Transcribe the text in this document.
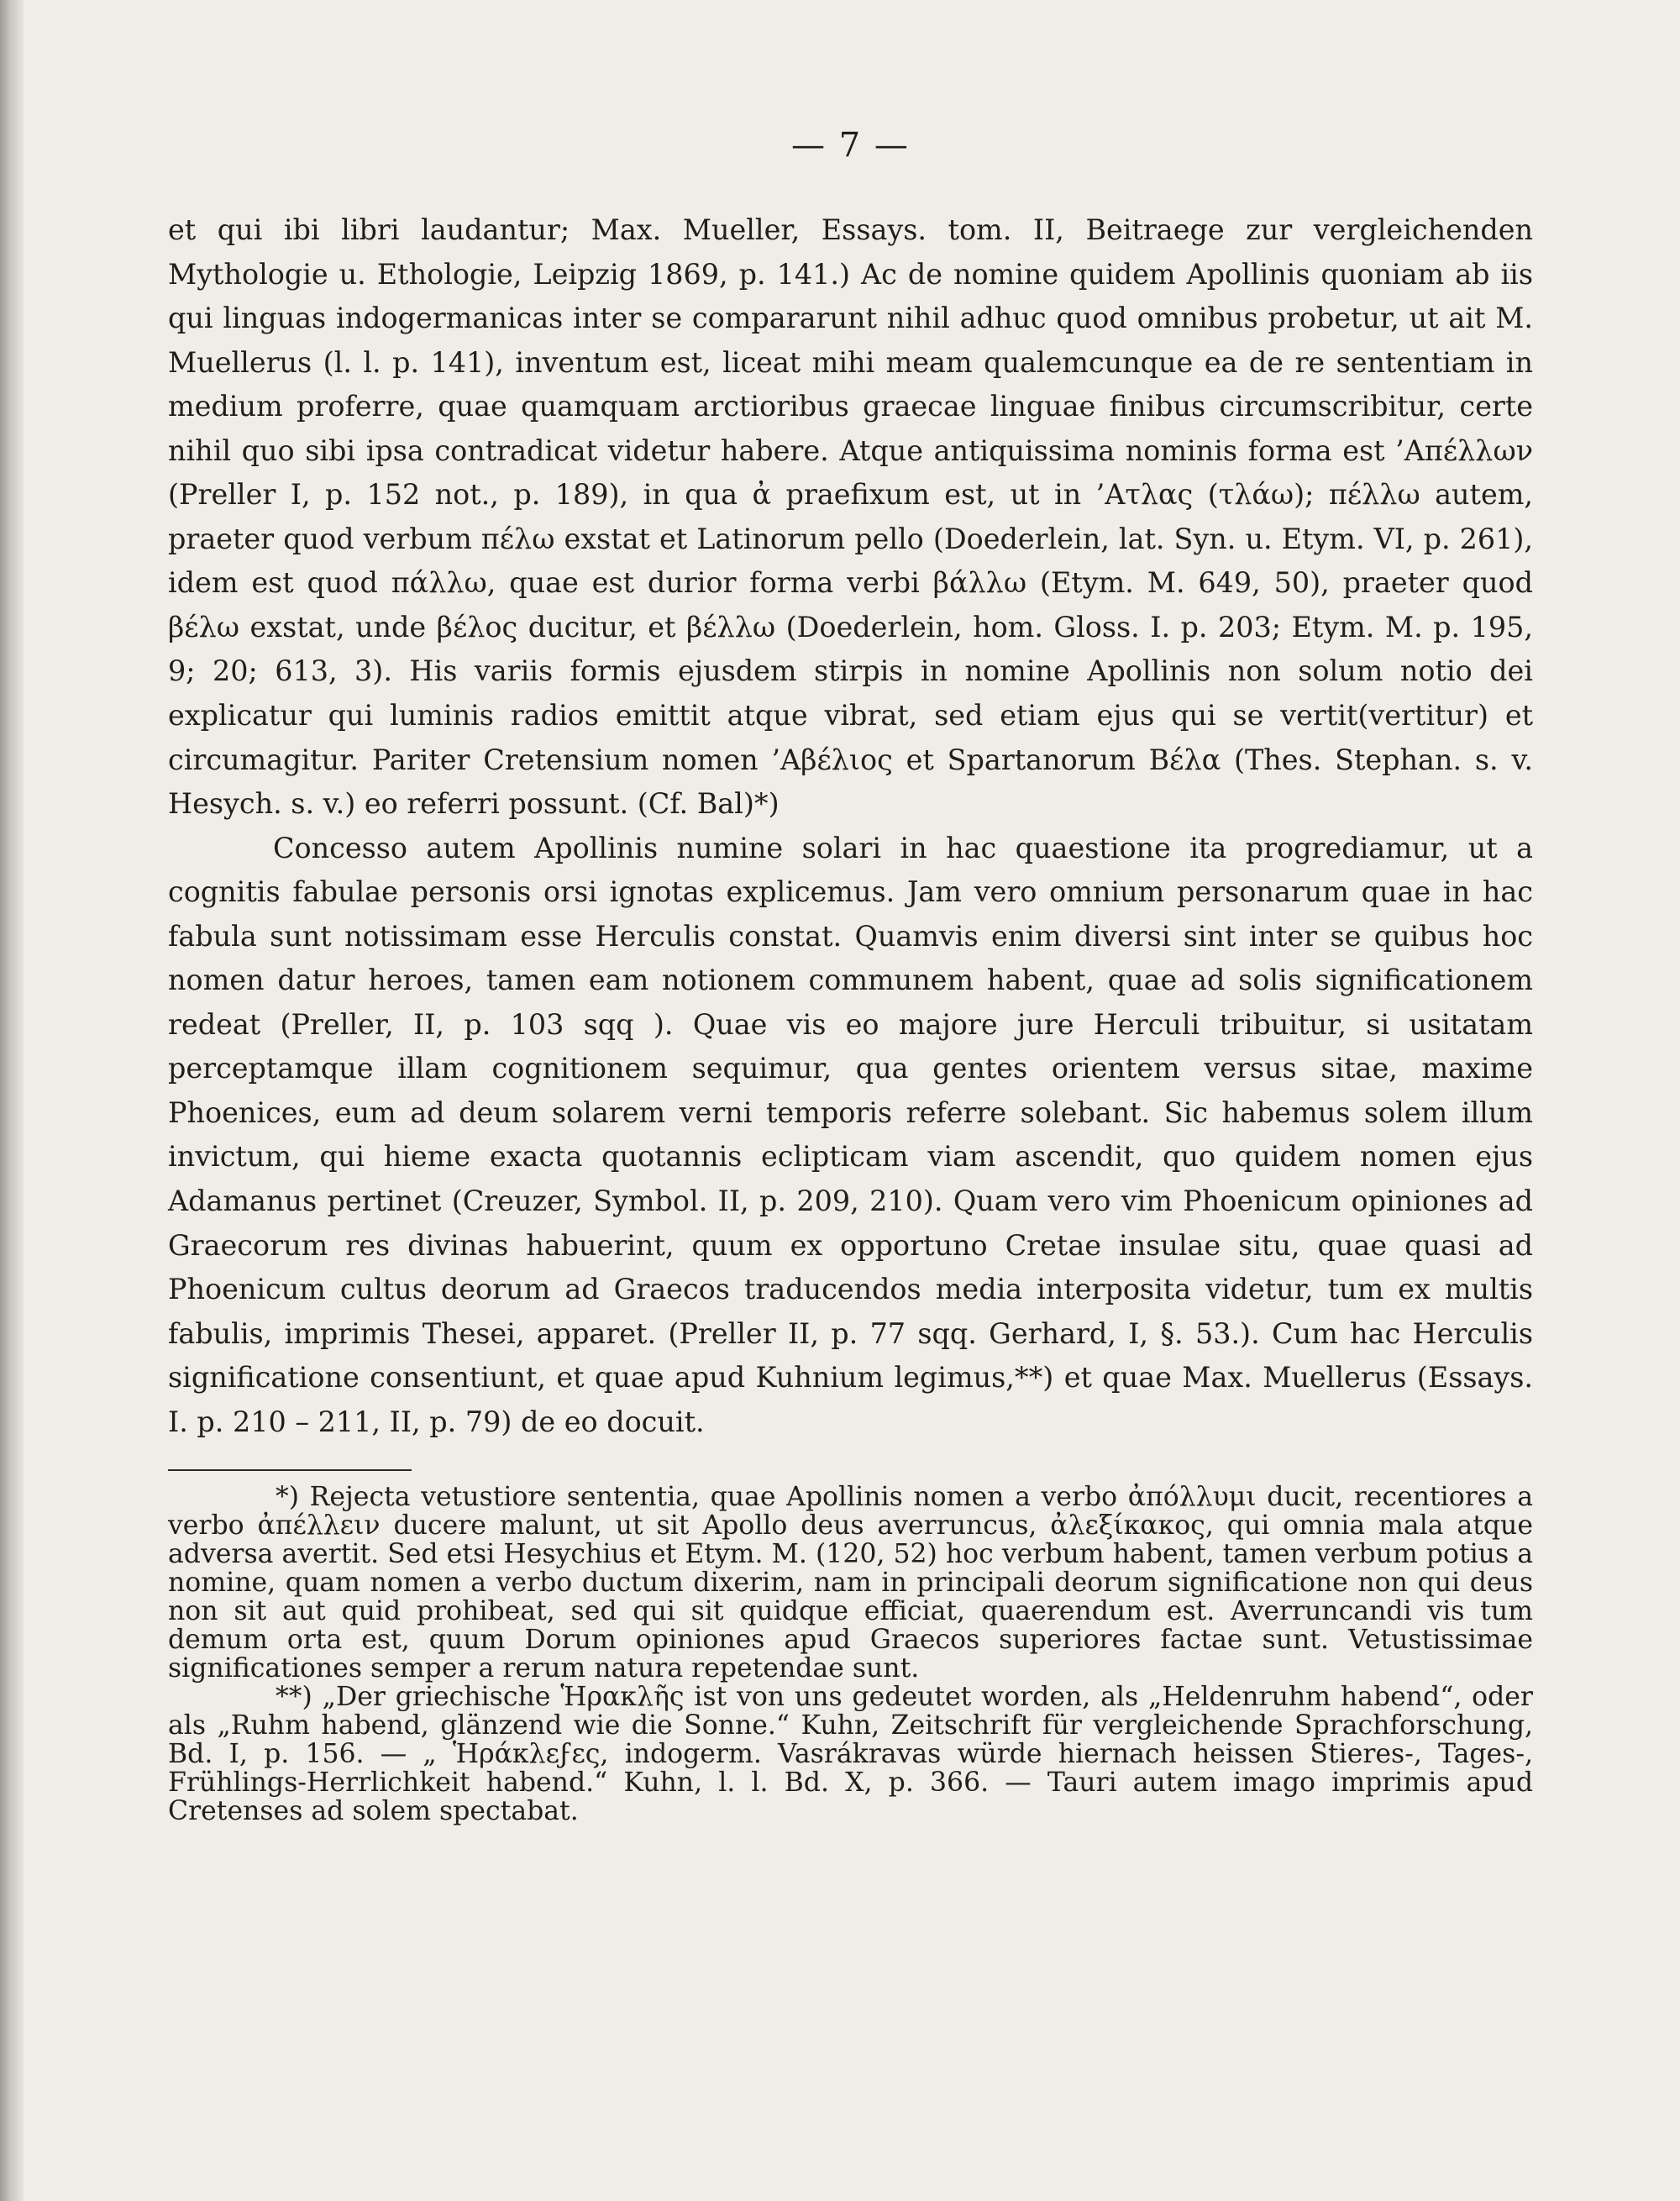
— 7 —

et qui ibi libri laudantur; Max. Mueller, Essays. tom. II, Beitraege zur vergleichenden Mythologie u. Ethologie, Leipzig 1869, p. 141.) Ac de nomine quidem Apollinis quoniam ab iis qui linguas indogermanicas inter se compararunt nihil adhuc quod omnibus probetur, ut ait M. Muellerus (l. l. p. 141), inventum est, liceat mihi meam qualemcunque ea de re sententiam in medium proferre, quae quamquam arctioribus graecae linguae finibus circumscribitur, certe nihil quo sibi ipsa contradicat videtur habere. Atque antiquissima nominis forma est ’Απέλλων (Preller I, p. 152 not., p. 189), in qua ἀ praefixum est, ut in ’Ατλας (τλάω); πέλλω autem, praeter quod verbum πέλω exstat et Latinorum pello (Doederlein, lat. Syn. u. Etym. VI, p. 261), idem est quod πάλλω, quae est durior forma verbi βάλλω (Etym. M. 649, 50), praeter quod βέλω exstat, unde βέλος ducitur, et βέλλω (Doederlein, hom. Gloss. I. p. 203; Etym. M. p. 195, 9; 20; 613, 3). His variis formis ejusdem stirpis in nomine Apollinis non solum notio dei explicatur qui luminis radios emittit atque vibrat, sed etiam ejus qui se vertit(vertitur) et circumagitur. Pariter Cretensium nomen ’Αβέλιος et Spartanorum Βέλα (Thes. Stephan. s. v. Hesych. s. v.) eo referri possunt. (Cf. Bal)*)

Concesso autem Apollinis numine solari in hac quaestione ita progrediamur, ut a cognitis fabulae personis orsi ignotas explicemus. Jam vero omnium personarum quae in hac fabula sunt notissimam esse Herculis constat. Quamvis enim diversi sint inter se quibus hoc nomen datur heroes, tamen eam notionem communem habent, quae ad solis significationem redeat (Preller, II, p. 103 sqq ). Quae vis eo majore jure Herculi tribuitur, si usitatam perceptamque illam cognitionem sequimur, qua gentes orientem versus sitae, maxime Phoenices, eum ad deum solarem verni temporis referre solebant. Sic habemus solem illum invictum, qui hieme exacta quotannis eclipticam viam ascendit, quo quidem nomen ejus Adamanus pertinet (Creuzer, Symbol. II, p. 209, 210). Quam vero vim Phoenicum opiniones ad Graecorum res divinas habuerint, quum ex opportuno Cretae insulae situ, quae quasi ad Phoenicum cultus deorum ad Graecos traducendos media interposita videtur, tum ex multis fabulis, imprimis Thesei, apparet. (Preller II, p. 77 sqq. Gerhard, I, §. 53.). Cum hac Herculis significatione consentiunt, et quae apud Kuhnium legimus,**) et quae Max. Muellerus (Essays. I. p. 210 – 211, II, p. 79) de eo docuit.

*) Rejecta vetustiore sententia, quae Apollinis nomen a verbo ἀπόλλυμι ducit, recentiores a verbo ἀπέλλειν ducere malunt, ut sit Apollo deus averruncus, ἀλεξίκακος, qui omnia mala atque adversa avertit. Sed etsi Hesychius et Etym. M. (120, 52) hoc verbum habent, tamen verbum potius a nomine, quam nomen a verbo ductum dixerim, nam in principali deorum significatione non qui deus non sit aut quid prohibeat, sed qui sit quidque efficiat, quaerendum est. Averruncandi vis tum demum orta est, quum Dorum opiniones apud Graecos superiores factae sunt. Vetustissimae significationes semper a rerum natura repetendae sunt.

**) „Der griechische Ἡρακλῆς ist von uns gedeutet worden, als „Heldenruhm habend“, oder als „Ruhm habend, glänzend wie die Sonne.“ Kuhn, Zeitschrift für vergleichende Sprachforschung, Bd. I, p. 156. — „ Ἡράκλεϝες, indogerm. Vasrákravas würde hiernach heissen Stieres-, Tages-, Frühlings-Herrlichkeit habend.“ Kuhn, l. l. Bd. X, p. 366. — Tauri autem imago imprimis apud Cretenses ad solem spectabat.
